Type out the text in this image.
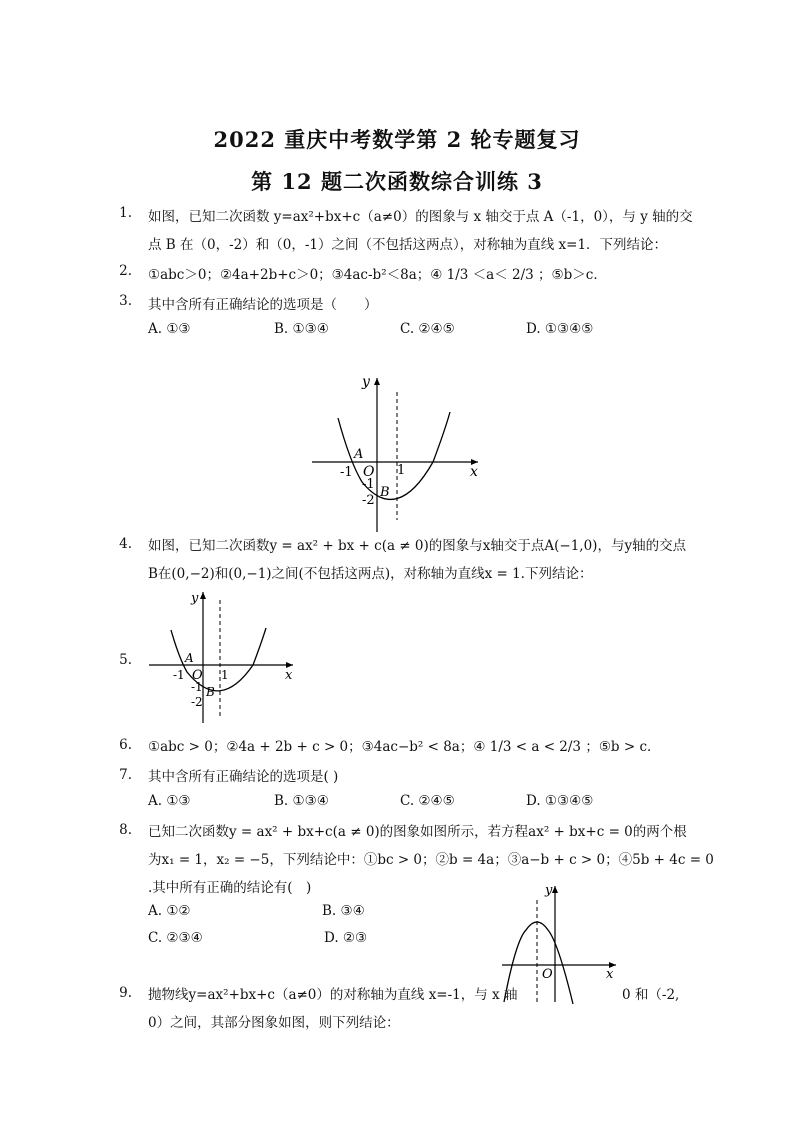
2022 重庆中考数学第 2 轮专题复习
第 12 题二次函数综合训练 3
1. 如图，已知二次函数 y=ax²+bx+c（a≠0）的图象与 x 轴交于点 A（-1，0），与 y 轴的交
点 B 在（0，-2）和（0，-1）之间（不包括这两点），对称轴为直线 x=1．下列结论：
2. ①abc＞0；②4a+2b+c＞0；③4ac-b²＜8a；④ 1/3 ＜a＜ 2/3 ；⑤b＞c．
3. 其中含所有正确结论的选项是（　　）
A. ①③	B. ①③④	C. ②④⑤	D. ①③④⑤
x
y
O
A
-1	1
-1
-2
B
4. 如图，已知二次函数y = ax² + bx + c(a ≠ 0)的图象与x轴交于点A(−1,0)，与y轴的交点
B在(0,−2)和(0,−1)之间(不包括这两点)，对称轴为直线x = 1.下列结论：
5.
x
y
O
A
-1	1
-1
-2
B
6. ①abc > 0；②4a + 2b + c > 0；③4ac−b² < 8a；④ 1/3 < a < 2/3 ；⑤b > c．
7. 其中含所有正确结论的选项是( )
A. ①③	B. ①③④	C. ②④⑤	D. ①③④⑤
8. 已知二次函数y = ax² + bx+c(a ≠ 0)的图象如图所示，若方程ax² + bx+c = 0的两个根
为x₁ = 1，x₂ = −5，下列结论中：①bc > 0；②b = 4a；③a−b + c > 0；④5b + 4c = 0
.其中所有正确的结论有(　)
A. ①②	B. ③④
C. ②③④	D. ②③
x
y
O
9. 抛物线y=ax²+bx+c（a≠0）的对称轴为直线 x=-1，与 x 轴	0 和（-2,
0）之间，其部分图象如图，则下列结论：
